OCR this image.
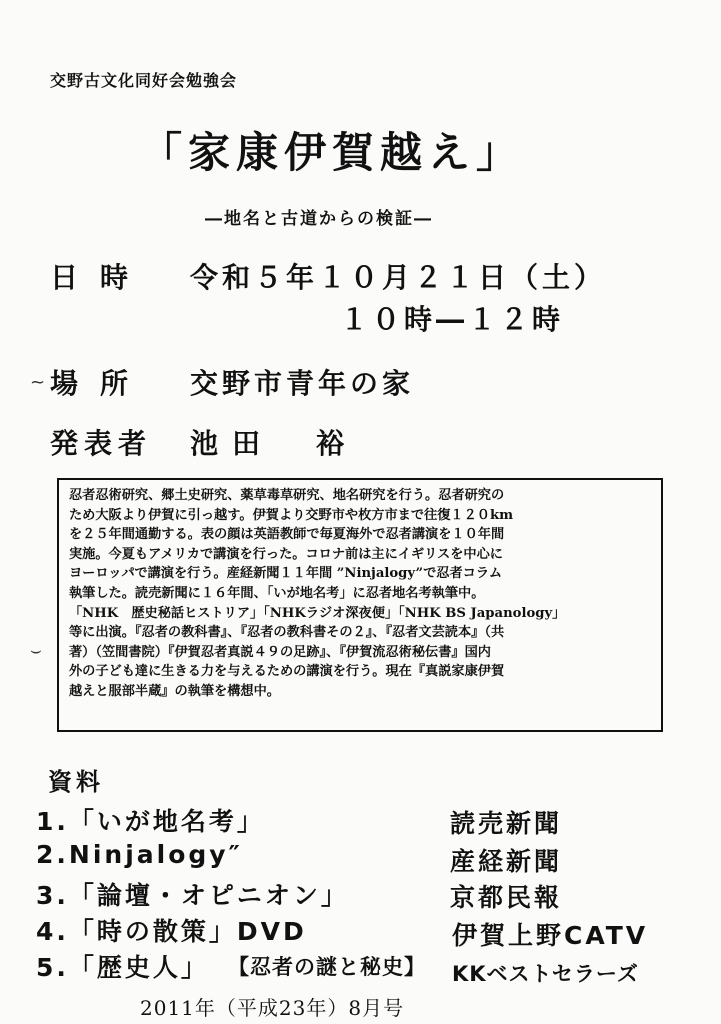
交野古文化同好会勉強会
「家康伊賀越え」
―地名と古道からの検証―
日時 令和５年１０月２１日（土）
１０時―１２時
~ 場所 交野市青年の家
発表者 池田　裕
忍者忍術研究、郷土史研究、薬草毒草研究、地名研究を行う。忍者研究の
ため大阪より伊賀に引っ越す。伊賀より交野市や枚方市まで往復１２０km
を２５年間通勤する。表の顔は英語教師で毎夏海外で忍者講演を１０年間
実施。今夏もアメリカで講演を行った。コロナ前は主にイギリスを中心に
ヨーロッパで講演を行う。産経新聞１１年間 ”Ninjalogy”で忍者コラム
執筆した。読売新聞に１６年間、「いが地名考」に忍者地名考執筆中。
「NHK　歴史秘話ヒストリア」「NHKラジオ深夜便」「NHK BS Japanology」
等に出演。『忍者の教科書』、『忍者の教科書その２』、『忍者文芸読本』（共
著）（笠間書院）『伊賀忍者真説４９の足跡』、『伊賀流忍術秘伝書』国内
外の子ども達に生きる力を与えるための講演を行う。現在『真説家康伊賀
越えと服部半蔵』の執筆を構想中。
⌣
資料
1.「いが地名考」	読売新聞
2.Ninjalogy″	産経新聞
3.「論壇・オピニオン」	京都民報
4.「時の散策」DVD	伊賀上野CATV
5.「歴史人」 【忍者の謎と秘史】 KKベストセラーズ
2011年（平成23年）8月号
